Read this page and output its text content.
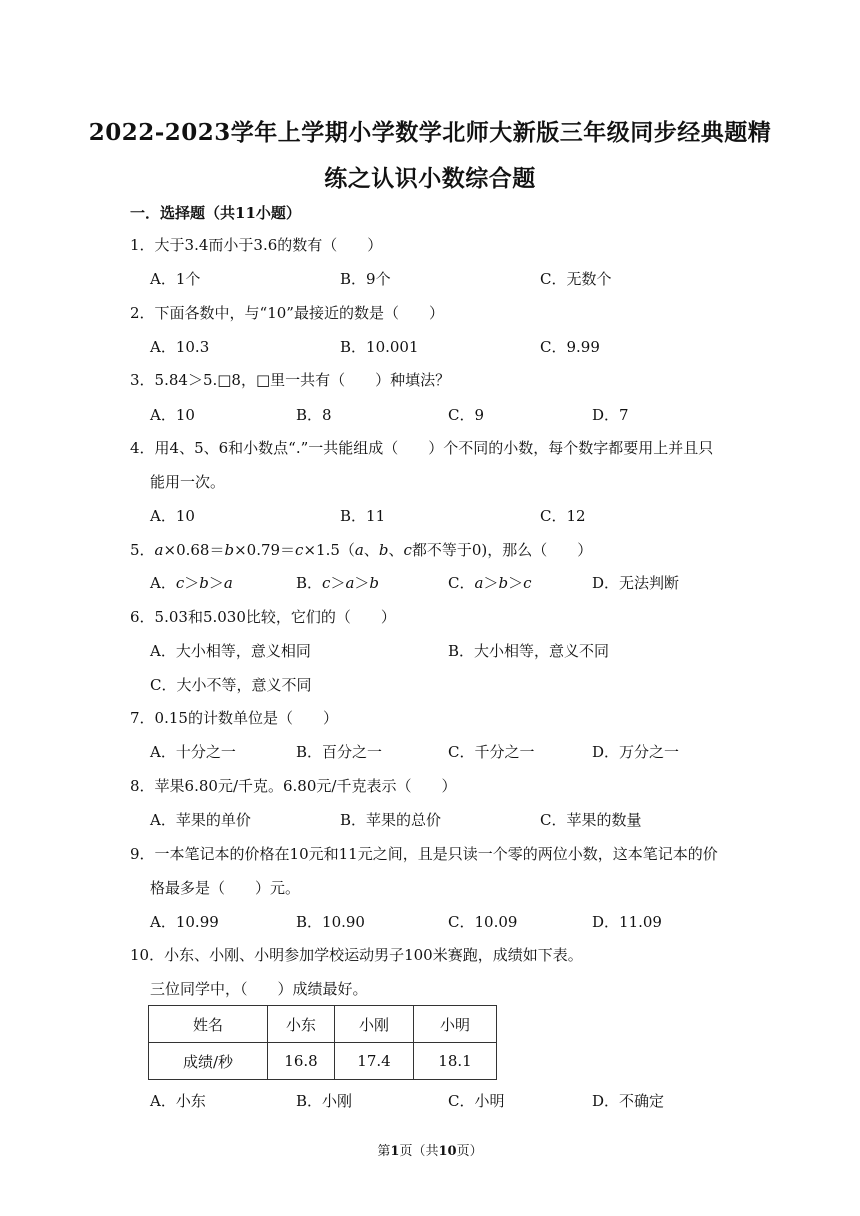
2022-2023学年上学期小学数学北师大新版三年级同步经典题精
练之认识小数综合题
一．选择题（共11小题）
1．大于3.4而小于3.6的数有（　　）
A．1个	B．9个	C．无数个
2．下面各数中，与“10”最接近的数是（　　）
A．10.3	B．10.001	C．9.99
3．5.84＞5.□8，□里一共有（　　）种填法？
A．10	B．8	C．9	D．7
4．用4、5、6和小数点“.”一共能组成（　　）个不同的小数，每个数字都要用上并且只
能用一次。
A．10	B．11	C．12
5．a×0.68＝b×0.79＝c×1.5（a、b、c都不等于0)，那么（　　）
A．c＞b＞a	B．c＞a＞b	C．a＞b＞c	D．无法判断
6．5.03和5.030比较，它们的（　　）
A．大小相等，意义相同	B．大小相等，意义不同
C．大小不等，意义不同
7．0.15的计数单位是（　　）
A．十分之一	B．百分之一	C．千分之一	D．万分之一
8．苹果6.80元/千克。6.80元/千克表示（　　）
A．苹果的单价	B．苹果的总价	C．苹果的数量
9．一本笔记本的价格在10元和11元之间，且是只读一个零的两位小数，这本笔记本的价
格最多是（　　）元。
A．10.99	B．10.90	C．10.09	D．11.09
10．小东、小刚、小明参加学校运动男子100米赛跑，成绩如下表。
三位同学中，（　　）成绩最好。
姓名	小东	小刚	小明
成绩/秒	16.8	17.4	18.1
A．小东	B．小刚	C．小明	D．不确定
第1页（共10页）
